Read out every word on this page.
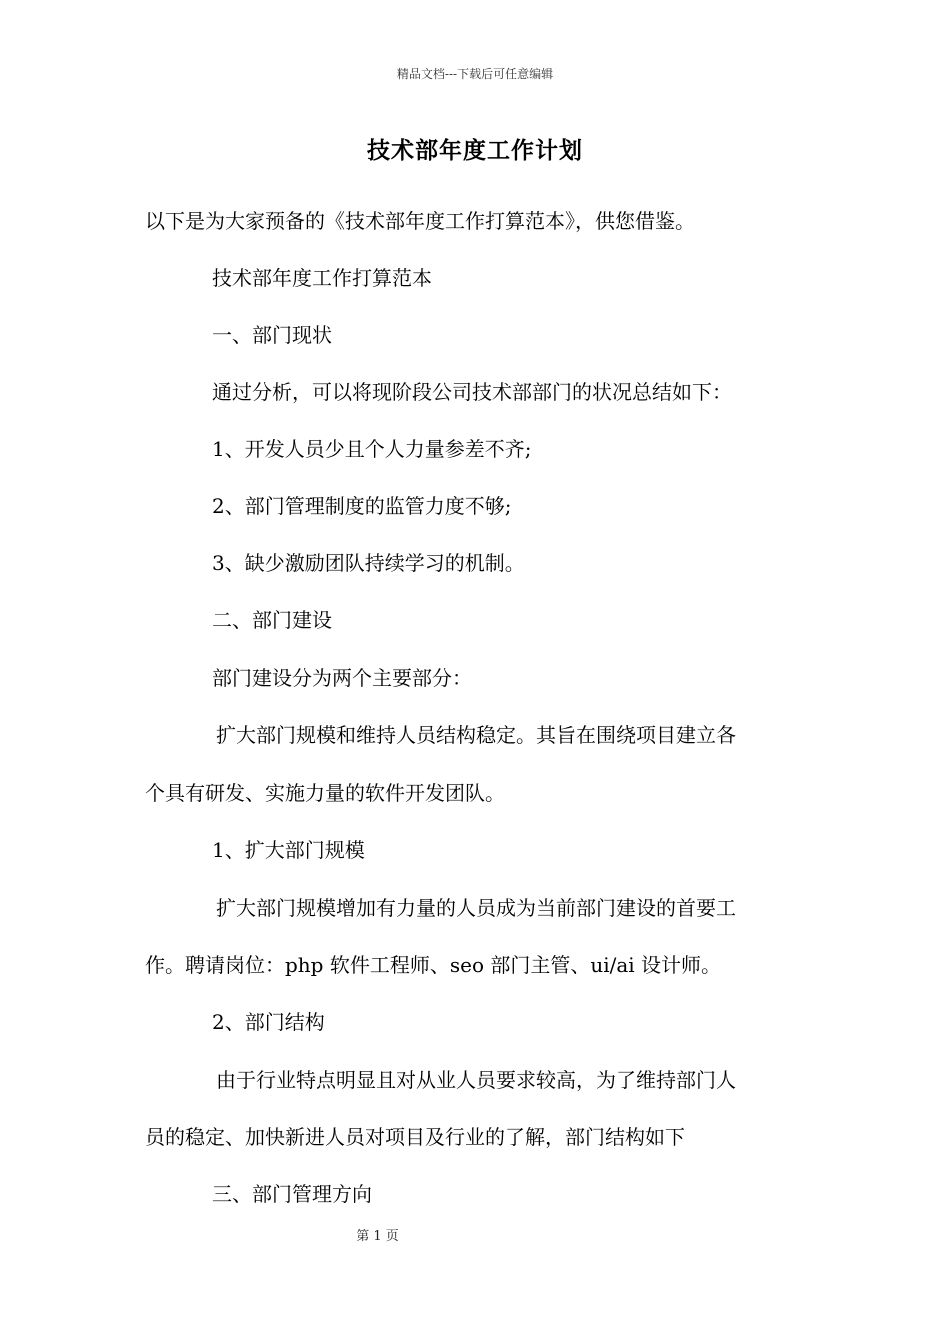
精品文档---下载后可任意编辑
技术部年度工作计划
以下是为大家预备的《技术部年度工作打算范本》，供您借鉴。
技术部年度工作打算范本
一、部门现状
通过分析，可以将现阶段公司技术部部门的状况总结如下：
1、开发人员少且个人力量参差不齐;
2、部门管理制度的监管力度不够;
3、缺少激励团队持续学习的机制。
二、部门建设
部门建设分为两个主要部分：
扩大部门规模和维持人员结构稳定。其旨在围绕项目建立各
个具有研发、实施力量的软件开发团队。
1、扩大部门规模
扩大部门规模增加有力量的人员成为当前部门建设的首要工
作。聘请岗位：php 软件工程师、seo 部门主管、ui/ai 设计师。
2、部门结构
由于行业特点明显且对从业人员要求较高，为了维持部门人
员的稳定、加快新进人员对项目及行业的了解，部门结构如下
三、部门管理方向
第 1 页
